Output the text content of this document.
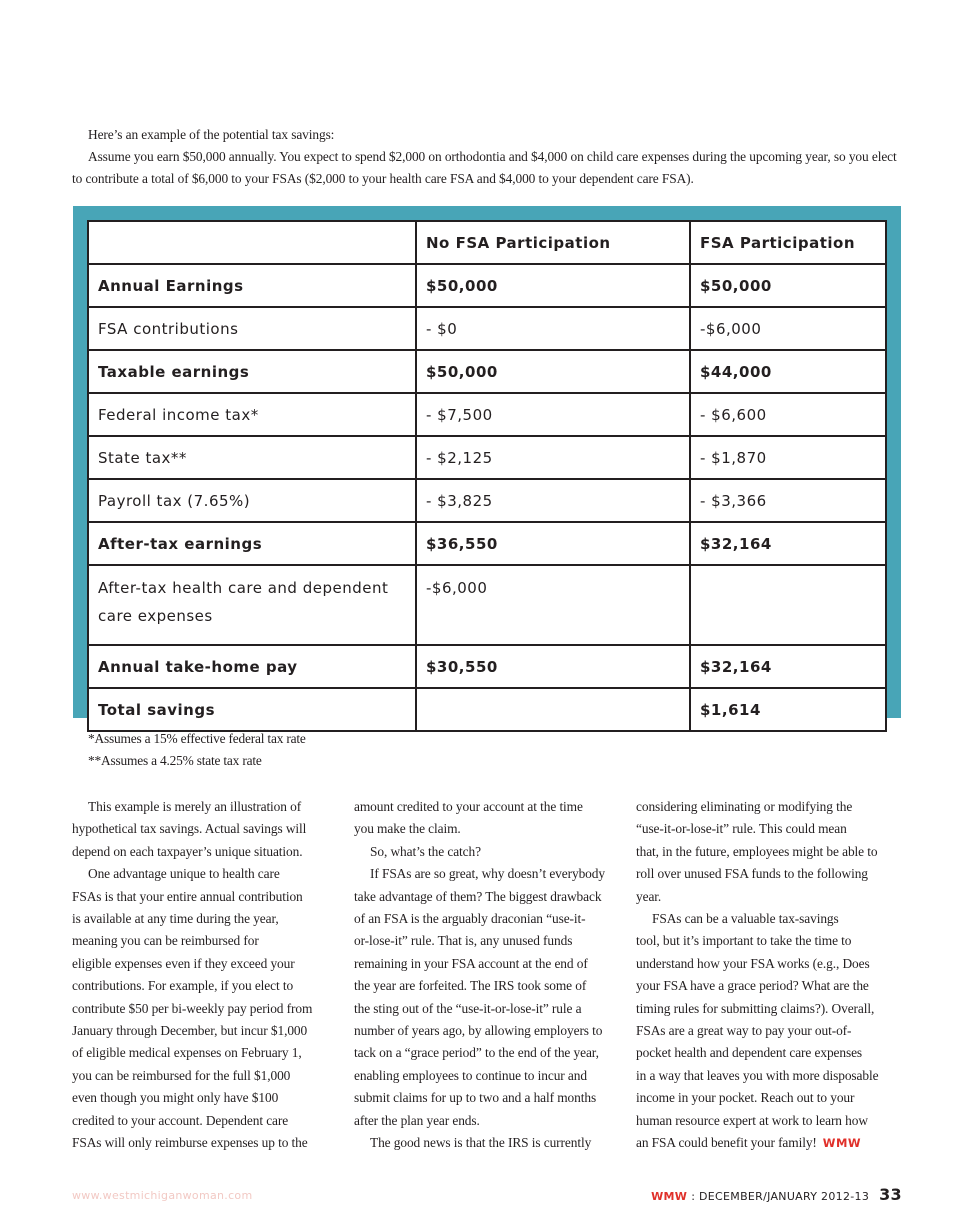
Here’s an example of the potential tax savings:

Assume you earn $50,000 annually. You expect to spend $2,000 on orthodontia and $4,000 on child care expenses during the upcoming year, so you elect to contribute a total of $6,000 to your FSAs ($2,000 to your health care FSA and $4,000 to your dependent care FSA).

	No FSA Participation	FSA Participation
Annual Earnings	$50,000	$50,000
FSA contributions	- $0	-$6,000
Taxable earnings	$50,000	$44,000
Federal income tax*	- $7,500	- $6,600
State tax**	- $2,125	- $1,870
Payroll tax (7.65%)	- $3,825	- $3,366
After-tax earnings	$36,550	$32,164
After-tax health care and dependent care expenses	-$6,000	
Annual take-home pay	$30,550	$32,164
Total savings		$1,614
*Assumes a 15% effective federal tax rate
**Assumes a 4.25% state tax rate
This example is merely an illustration of
hypothetical tax savings. Actual savings will
depend on each taxpayer’s unique situation.
One advantage unique to health care
FSAs is that your entire annual contribution
is available at any time during the year,
meaning you can be reimbursed for
eligible expenses even if they exceed your
contributions. For example, if you elect to
contribute $50 per bi-weekly pay period from
January through December, but incur $1,000
of eligible medical expenses on February 1,
you can be reimbursed for the full $1,000
even though you might only have $100
credited to your account. Dependent care
FSAs will only reimburse expenses up to the
amount credited to your account at the time
you make the claim.
So, what’s the catch?
If FSAs are so great, why doesn’t everybody
take advantage of them? The biggest drawback
of an FSA is the arguably draconian “use-it-
or-lose-it” rule. That is, any unused funds
remaining in your FSA account at the end of
the year are forfeited. The IRS took some of
the sting out of the “use-it-or-lose-it” rule a
number of years ago, by allowing employers to
tack on a “grace period” to the end of the year,
enabling employees to continue to incur and
submit claims for up to two and a half months
after the plan year ends.
The good news is that the IRS is currently
considering eliminating or modifying the
“use-it-or-lose-it” rule. This could mean
that, in the future, employees might be able to
roll over unused FSA funds to the following
year.
FSAs can be a valuable tax-savings
tool, but it’s important to take the time to
understand how your FSA works (e.g., Does
your FSA have a grace period? What are the
timing rules for submitting claims?). Overall,
FSAs are a great way to pay your out-of-
pocket health and dependent care expenses
in a way that leaves you with more disposable
income in your pocket. Reach out to your
human resource expert at work to learn how
an FSA could benefit your family! WMW
www.westmichiganwoman.com	WMW : DECEMBER/JANUARY 2012-13 33
